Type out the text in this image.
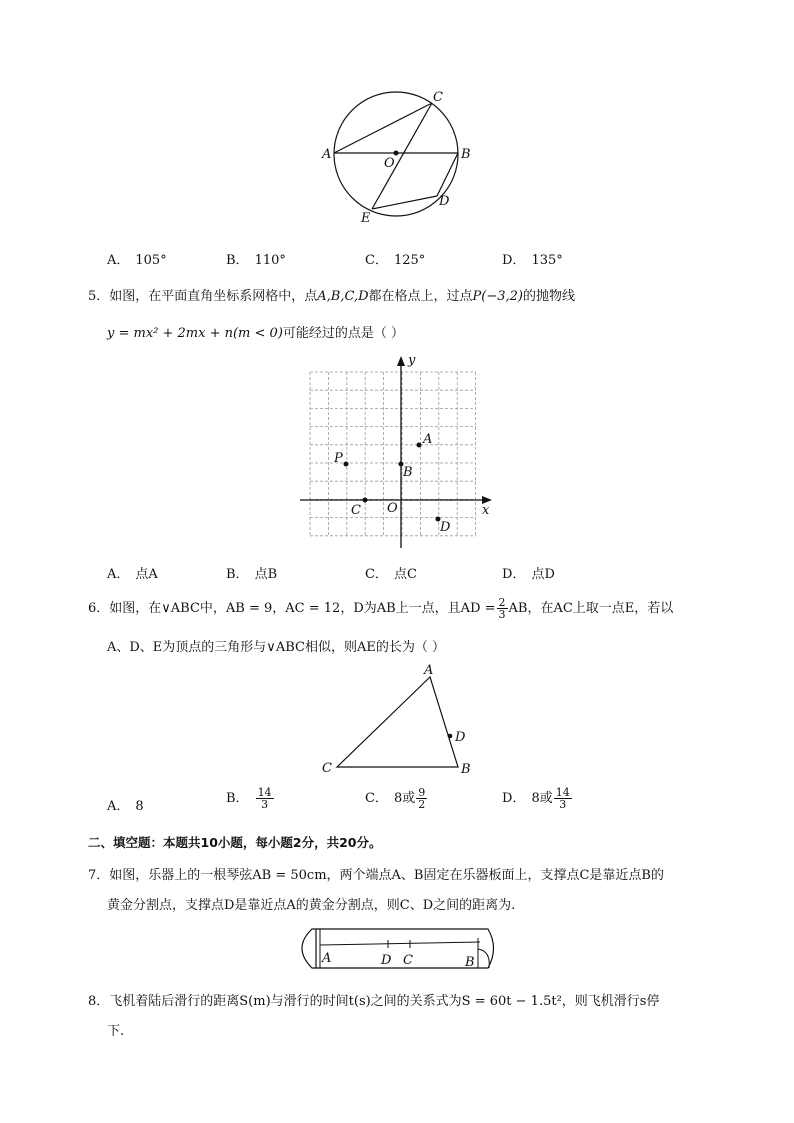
A	B
C
D
E
O
A． 105°	B． 110°	C． 125°	D． 135°
5．如图，在平面直角坐标系网格中，点A,B,C,D都在格点上，过点P(−3,2)的抛物线
y = mx² + 2mx + n(m < 0)可能经过的点是（ ）
x
y
O
A
B
C
D
P
A． 点A	B． 点B	C． 点C	D． 点D
6．如图，在∨ABC中，AB = 9，AC = 12，D为AB上一点，且AD = $\frac{2}{3}$ AB，在AC上取一点E，若以
A、D、E为顶点的三角形与∨ABC相似，则AE的长为（ ）
A
C	B
D
A． 8
B． $\frac{14}{3}$	C． 8或 $\frac{9}{2}$	D． 8或 $\frac{14}{3}$
二、填空题：本题共10小题，每小题2分，共20分。
7．如图，乐器上的一根琴弦AB = 50cm，两个端点A、B固定在乐器板面上，支撑点C是靠近点B的
黄金分割点，支撑点D是靠近点A的黄金分割点，则C、D之间的距离为.
A	D C	B
8．飞机着陆后滑行的距离S(m)与滑行的时间t(s)之间的关系式为S = 60t − 1.5t²，则飞机滑行s停
下.
